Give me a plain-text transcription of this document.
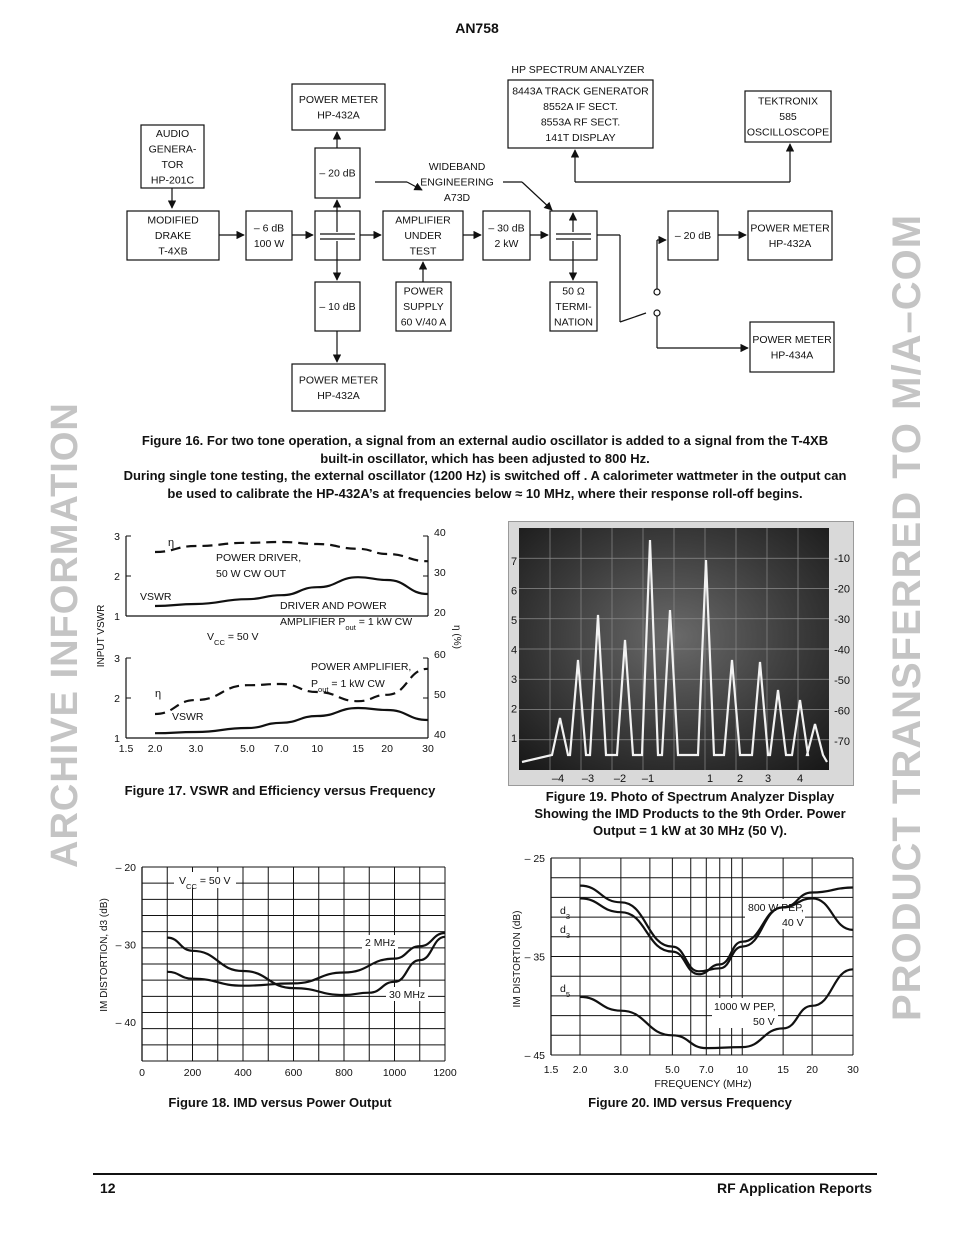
AN758
ARCHIVE INFORMATION	PRODUCT TRANSFERRED TO M/A–COM
AUDIO
GENERA-
TOR
HP-201C
MODIFIED
DRAKE
T-4XB
– 6 dB
100 W
POWER METER
HP-432A
– 20 dB
AMPLIFIER
UNDER
TEST
– 10 dB
POWER
SUPPLY
60 V/40 A
POWER METER
HP-432A
– 30 dB
2 kW
8443A TRACK GENERATOR
8552A IF SECT.
8553A RF SECT.
141T DISPLAY
50 Ω
TERMI-
NATION
TEKTRONIX
585
OSCILLOSCOPE
– 20 dB
POWER METER
HP-432A
POWER METER
HP-434A
HP SPECTRUM ANALYZER
WIDEBAND
ENGINEERING
A73D
Figure 16. For two tone operation, a signal from an external audio oscillator is added to a signal from the T-4XB
built-in oscillator, which has been adjusted to 800 Hz.
During single tone testing, the external oscillator (1200 Hz) is switched off . A calorimeter wattmeter in the output can
be used to calibrate the HP-432A’s at frequencies below ≈ 10 MHz, where their response roll-off begins.
3
2
1
40
30
20
3
2
1
60
50
40
1.5 2.0	3.0	5.0 7.0 10	15 20	30
INPUT VSWR	η (%)
η
VSWR
POWER DRIVER,
50 W CW OUT
DRIVER AND POWER
AMPLIFIER $P_{out} = 1$ kW CW
$V_{CC} = 50$ V
η
VSWR
POWER AMPLIFIER,
$P_{out} = 1$ kW CW
Figure 17. VSWR and Efficiency versus Frequency
7
6
5
4
3
2
1
-10
-20
-30
-40
-50
-60
-70
–4 –3 –2 –1	1 2 3 4
Figure 19. Photo of Spectrum Analyzer Display
Showing the IMD Products to the 9th Order. Power
Output = 1 kW at 30 MHz (50 V).
– 20
– 30
– 40
0	200	400	600	800	1000	1200
IM DISTORTION, d3 (dB)
$V_{CC} = 50$ V
2 MHz
30 MHz
Figure 18. IMD versus Power Output
– 25
– 35
– 45
1.5 2.0	3.0	5.0 7.0 10	15 20	30
FREQUENCY (MHz)
IM DISTORTION (dB)	$d_3$
$d_3$
$d_5$
800 W PEP,
40 V
1000 W PEP,
50 V
Figure 20. IMD versus Frequency
12	RF Application Reports
